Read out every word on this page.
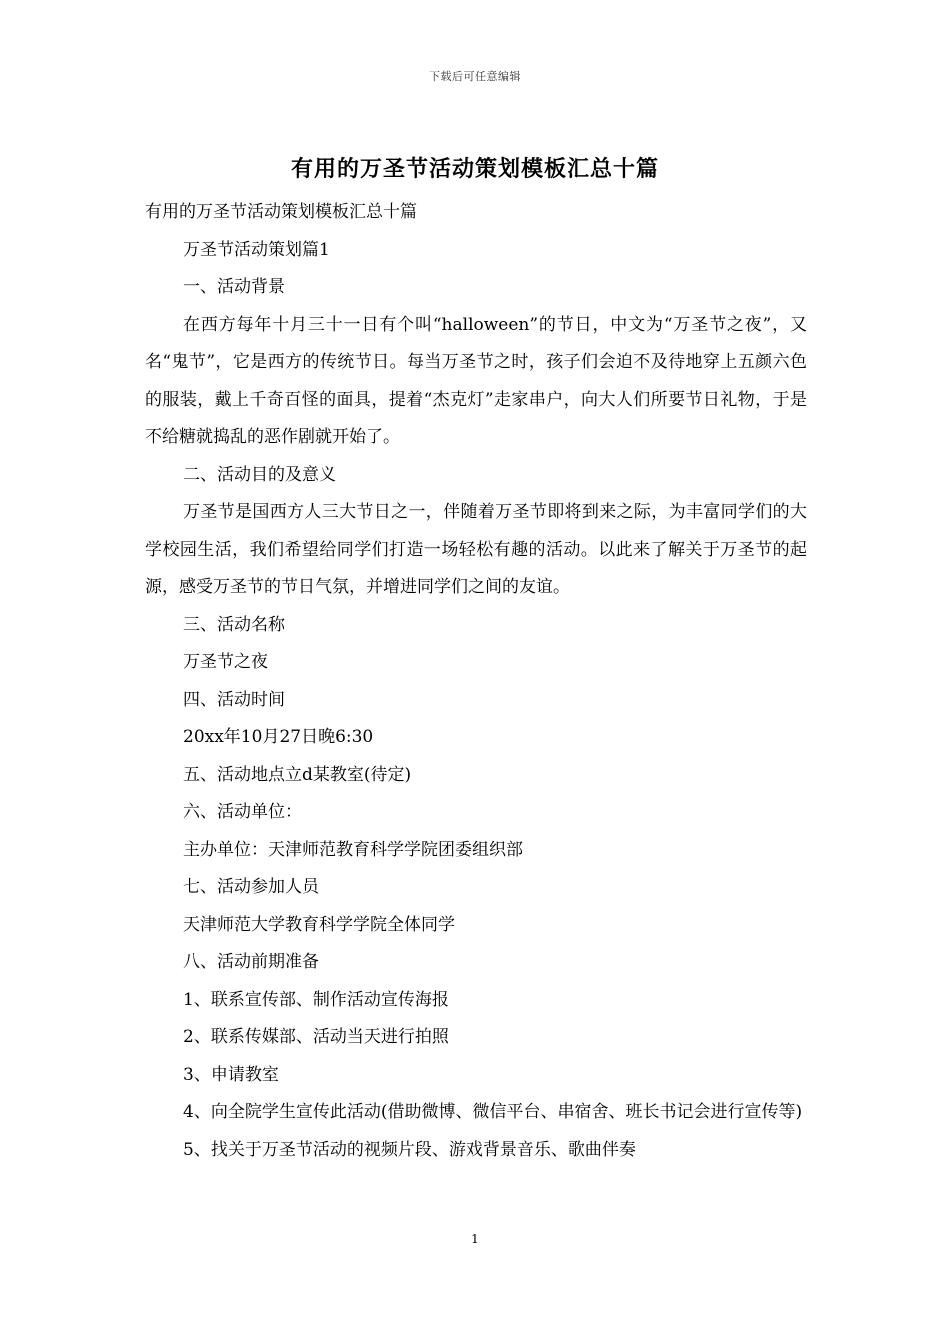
下载后可任意编辑
有用的万圣节活动策划模板汇总十篇

有用的万圣节活动策划模板汇总十篇

万圣节活动策划篇1

一、活动背景

在西方每年十月三十一日有个叫“halloween”的节日，中文为“万圣节之夜”，又名“鬼节”，它是西方的传统节日。每当万圣节之时，孩子们会迫不及待地穿上五颜六色的服装，戴上千奇百怪的面具，提着“杰克灯”走家串户，向大人们所要节日礼物，于是不给糖就捣乱的恶作剧就开始了。

二、活动目的及意义

万圣节是国西方人三大节日之一，伴随着万圣节即将到来之际，为丰富同学们的大学校园生活，我们希望给同学们打造一场轻松有趣的活动。以此来了解关于万圣节的起源，感受万圣节的节日气氛，并增进同学们之间的友谊。

三、活动名称

万圣节之夜

四、活动时间

20xx年10月27日晚6:30

五、活动地点立d某教室(待定)

六、活动单位：

主办单位：天津师范教育科学学院团委组织部

七、活动参加人员

天津师范大学教育科学学院全体同学

八、活动前期准备

1、联系宣传部、制作活动宣传海报

2、联系传媒部、活动当天进行拍照

3、申请教室

4、向全院学生宣传此活动(借助微博、微信平台、串宿舍、班长书记会进行宣传等)

5、找关于万圣节活动的视频片段、游戏背景音乐、歌曲伴奏

1
